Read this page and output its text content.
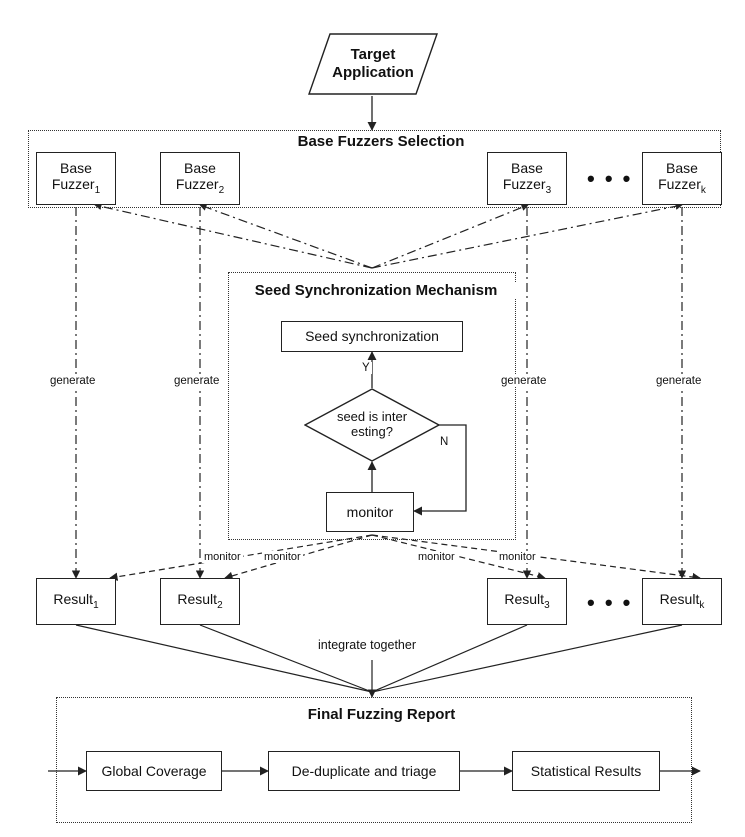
Target
Application
Base Fuzzers Selection
Base
Fuzzer$_1$
Base
Fuzzer$_2$
Base
Fuzzer$_3$ • • •	Base
Fuzzer$_k$
Seed Synchronization Mechanism
Seed synchronization
Y
seed is inter
esting?
N
monitor
generate	generate	generate	generate
monitor monitor	monitor	monitor
Result$_1$	Result$_2$	Result$_3$ • • • Result$_k$
integrate together
Final Fuzzing Report
Global Coverage	De-duplicate and triage	Statistical Results
